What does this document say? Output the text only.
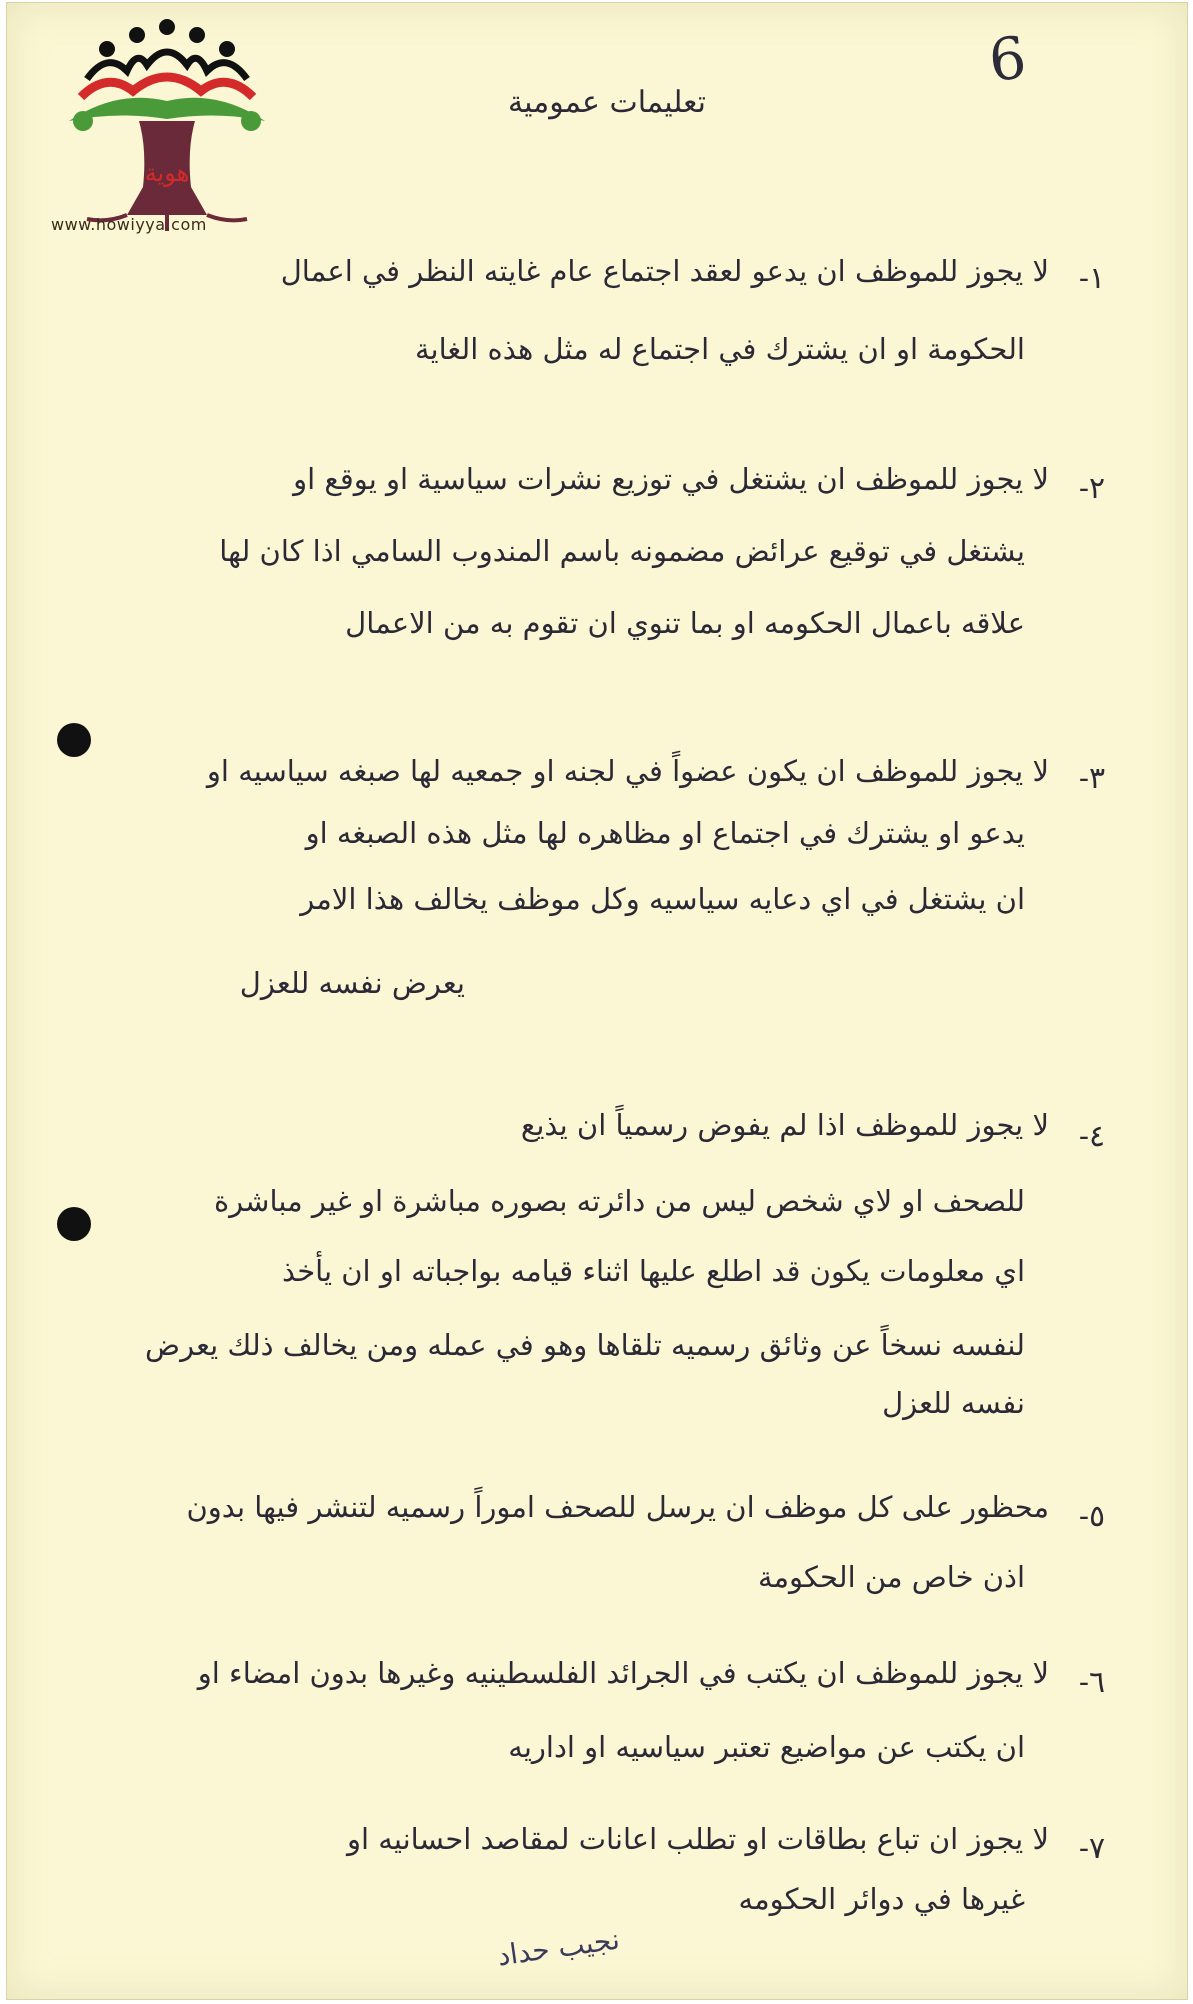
هوية
www.howiyya.com
6
تعليمات عمومية
١-
لا يجوز للموظف ان يدعو لعقد اجتماع عام غايته النظر في اعمال
الحكومة او ان يشترك في اجتماع له مثل هذه الغاية
٢-
لا يجوز للموظف ان يشتغل في توزيع نشرات سياسية او يوقع او
يشتغل في توقيع عرائض مضمونه باسم المندوب السامي اذا كان لها
علاقه باعمال الحكومه او بما تنوي ان تقوم به من الاعمال
٣-
لا يجوز للموظف ان يكون عضواً في لجنه او جمعيه لها صبغه سياسيه او
يدعو او يشترك في اجتماع او مظاهره لها مثل هذه الصبغه او
ان يشتغل في اي دعايه سياسيه وكل موظف يخالف هذا الامر
يعرض نفسه للعزل
٤-
لا يجوز للموظف اذا لم يفوض رسمياً ان يذيع
للصحف او لاي شخص ليس من دائرته بصوره مباشرة او غير مباشرة
اي معلومات يكون قد اطلع عليها اثناء قيامه بواجباته او ان يأخذ
لنفسه نسخاً عن وثائق رسميه تلقاها وهو في عمله ومن يخالف ذلك يعرض
نفسه للعزل
٥-
محظور على كل موظف ان يرسل للصحف اموراً رسميه لتنشر فيها بدون
اذن خاص من الحكومة
٦-
لا يجوز للموظف ان يكتب في الجرائد الفلسطينيه وغيرها بدون امضاء او
ان يكتب عن مواضيع تعتبر سياسيه او اداريه
٧-
لا يجوز ان تباع بطاقات او تطلب اعانات لمقاصد احسانيه او
غيرها في دوائر الحكومه
نجيب حداد
